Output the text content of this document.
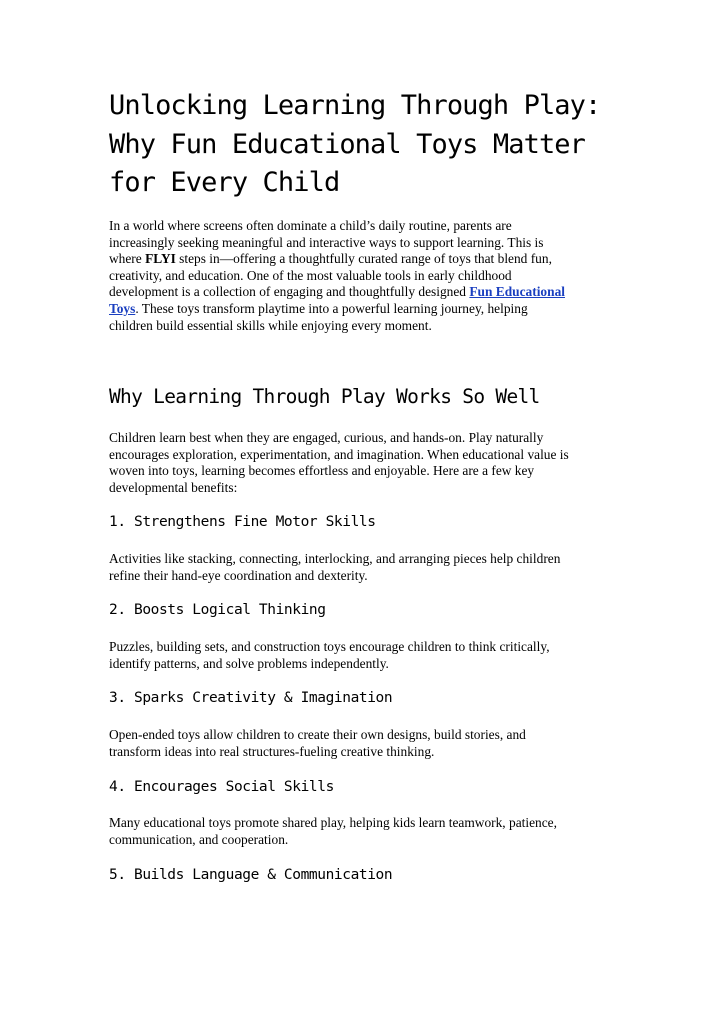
Unlocking Learning Through Play:
Why Fun Educational Toys Matter
for Every Child
In a world where screens often dominate a child’s daily routine, parents are
increasingly seeking meaningful and interactive ways to support learning. This is
where FLYI steps in—offering a thoughtfully curated range of toys that blend fun,
creativity, and education. One of the most valuable tools in early childhood
development is a collection of engaging and thoughtfully designed Fun Educational
Toys. These toys transform playtime into a powerful learning journey, helping
children build essential skills while enjoying every moment.
Why Learning Through Play Works So Well
Children learn best when they are engaged, curious, and hands-on. Play naturally
encourages exploration, experimentation, and imagination. When educational value is
woven into toys, learning becomes effortless and enjoyable. Here are a few key
developmental benefits:
1. Strengthens Fine Motor Skills
Activities like stacking, connecting, interlocking, and arranging pieces help children
refine their hand-eye coordination and dexterity.
2. Boosts Logical Thinking
Puzzles, building sets, and construction toys encourage children to think critically,
identify patterns, and solve problems independently.
3. Sparks Creativity & Imagination
Open-ended toys allow children to create their own designs, build stories, and
transform ideas into real structures-fueling creative thinking.
4. Encourages Social Skills
Many educational toys promote shared play, helping kids learn teamwork, patience,
communication, and cooperation.
5. Builds Language & Communication
